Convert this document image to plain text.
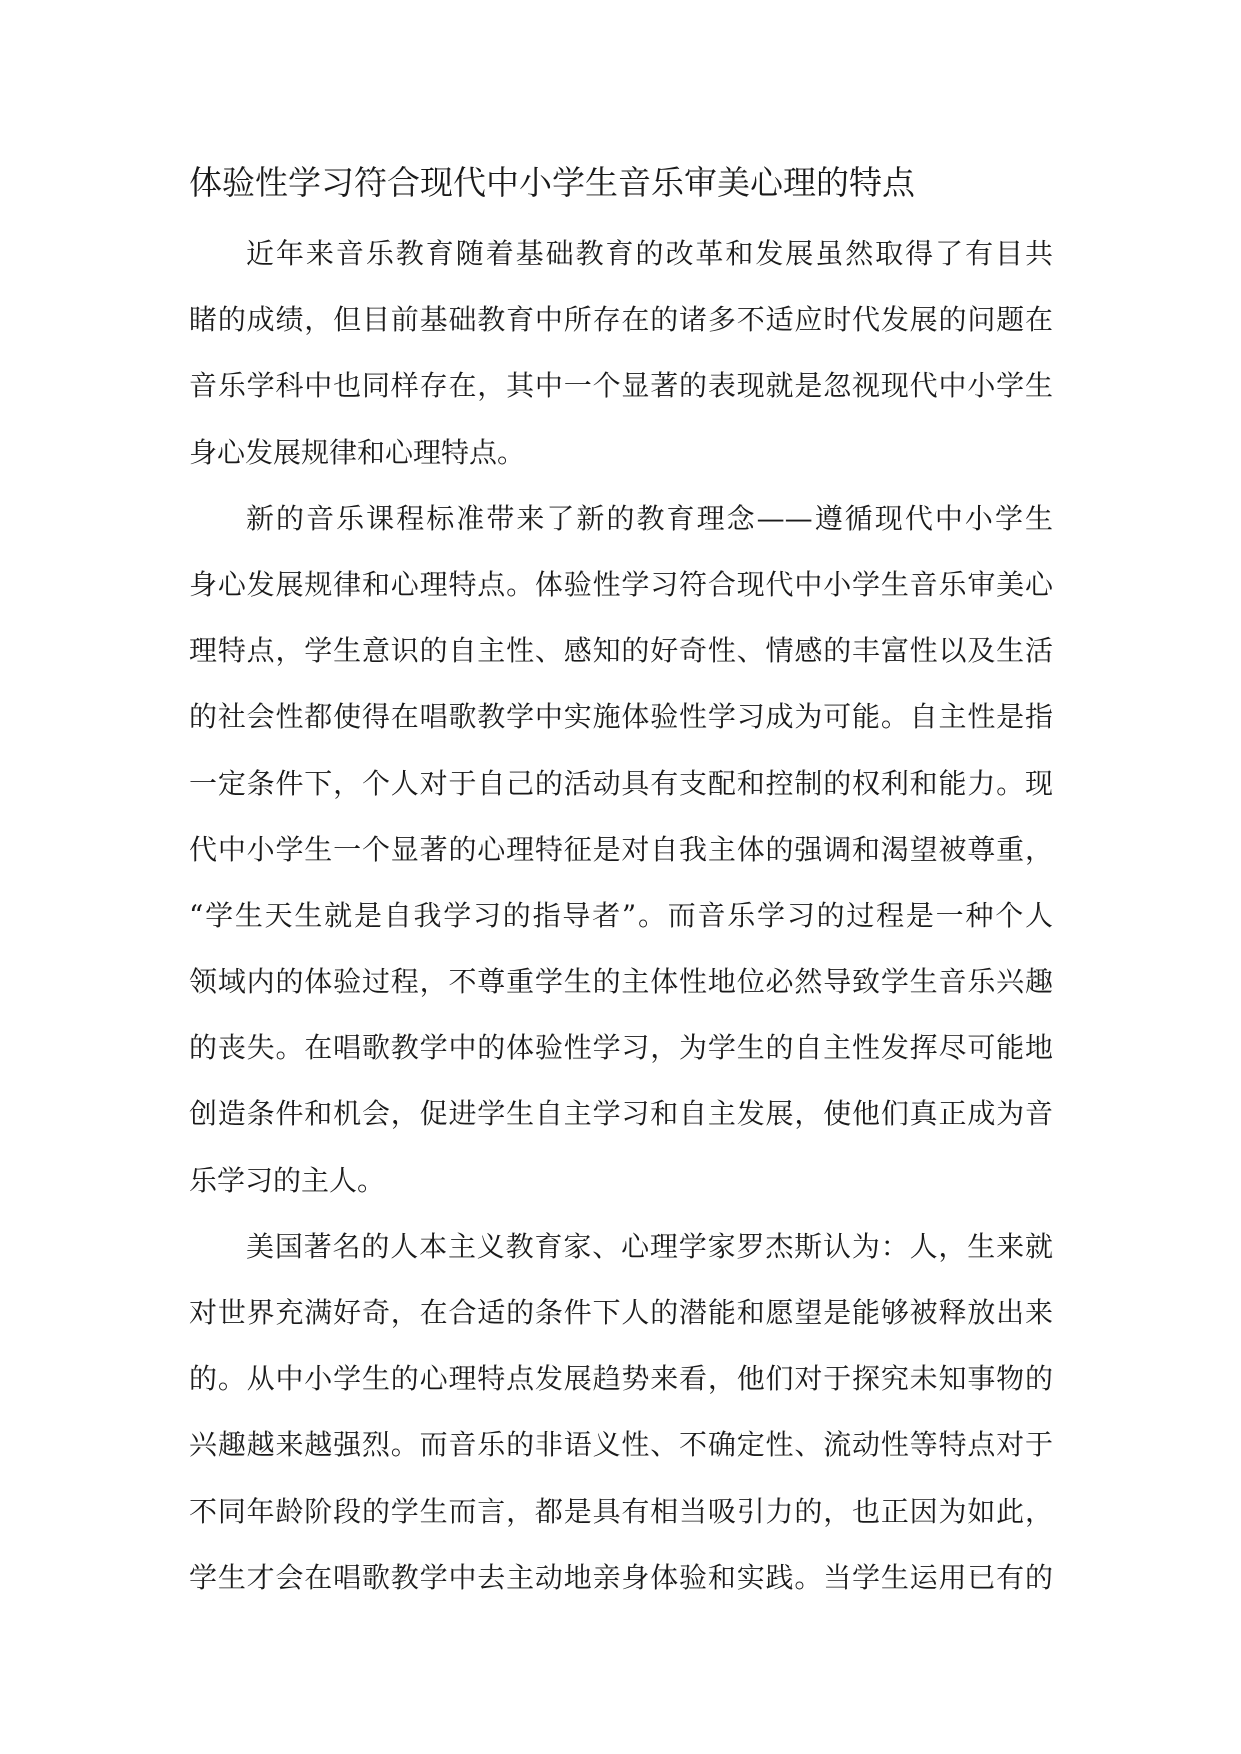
体验性学习符合现代中小学生音乐审美心理的特点
近年来音乐教育随着基础教育的改革和发展虽然取得了有目共
睹的成绩，但目前基础教育中所存在的诸多不适应时代发展的问题在
音乐学科中也同样存在，其中一个显著的表现就是忽视现代中小学生
身心发展规律和心理特点。
新的音乐课程标准带来了新的教育理念——遵循现代中小学生
身心发展规律和心理特点。体验性学习符合现代中小学生音乐审美心
理特点，学生意识的自主性、感知的好奇性、情感的丰富性以及生活
的社会性都使得在唱歌教学中实施体验性学习成为可能。自主性是指
一定条件下，个人对于自己的活动具有支配和控制的权利和能力。现
代中小学生一个显著的心理特征是对自我主体的强调和渴望被尊重，
“学生天生就是自我学习的指导者”。而音乐学习的过程是一种个人
领域内的体验过程，不尊重学生的主体性地位必然导致学生音乐兴趣
的丧失。在唱歌教学中的体验性学习，为学生的自主性发挥尽可能地
创造条件和机会，促进学生自主学习和自主发展，使他们真正成为音
乐学习的主人。
美国著名的人本主义教育家、心理学家罗杰斯认为：人，生来就
对世界充满好奇，在合适的条件下人的潜能和愿望是能够被释放出来
的。从中小学生的心理特点发展趋势来看，他们对于探究未知事物的
兴趣越来越强烈。而音乐的非语义性、不确定性、流动性等特点对于
不同年龄阶段的学生而言，都是具有相当吸引力的，也正因为如此，
学生才会在唱歌教学中去主动地亲身体验和实践。当学生运用已有的
